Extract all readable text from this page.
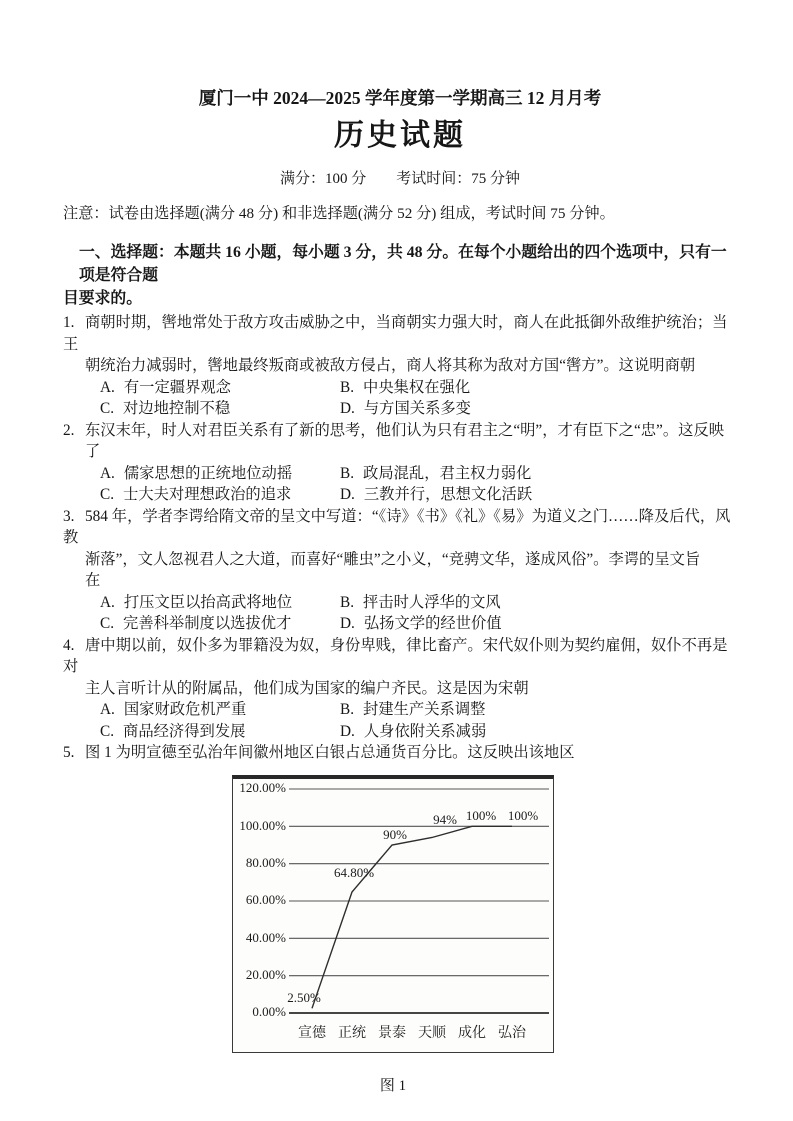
厦门一中 2024—2025 学年度第一学期高三 12 月月考
历史试题
满分：100 分　　考试时间：75 分钟
注意：试卷由选择题(满分 48 分) 和非选择题(满分 52 分) 组成，考试时间 75 分钟。
一、选择题：本题共 16 小题，每小题 3 分，共 48 分。在每个小题给出的四个选项中，只有一项是符合题
目要求的。
1. 商朝时期，辔地常处于敌方攻击威胁之中，当商朝实力强大时，商人在此抵御外敌维护统治；当王
朝统治力减弱时，辔地最终叛商或被敌方侵占，商人将其称为敌对方国“辔方”。这说明商朝
A. 有一定疆界观念	B. 中央集权在强化
C. 对边地控制不稳	D. 与方国关系多变
2. 东汉末年，时人对君臣关系有了新的思考，他们认为只有君主之“明”，才有臣下之“忠”。这反映
了
A. 儒家思想的正统地位动摇	B. 政局混乱，君主权力弱化
C. 士大夫对理想政治的追求	D. 三教并行，思想文化活跃
3. 584 年，学者李谔给隋文帝的呈文中写道：“《诗》《书》《礼》《易》为道义之门……降及后代，风教
渐落”，文人忽视君人之大道，而喜好“雕虫”之小义，“竞骋文华，遂成风俗”。李谔的呈文旨
在
A. 打压文臣以抬高武将地位	B. 抨击时人浮华的文风
C. 完善科举制度以选拔优才	D. 弘扬文学的经世价值
4. 唐中期以前，奴仆多为罪籍没为奴，身份卑贱，律比畜产。宋代奴仆则为契约雇佣，奴仆不再是对
主人言听计从的附属品，他们成为国家的编户齐民。这是因为宋朝
A. 国家财政危机严重	B. 封建生产关系调整
C. 商品经济得到发展	D. 人身依附关系减弱
5. 图 1 为明宣德至弘治年间徽州地区白银占总通货百分比。这反映出该地区
120.00%
100.00%
80.00%
60.00%
40.00%
20.00%
0.00%
2.50%
64.80%
90%
94% 100% 100%
宣德 正统 景泰 天顺 成化 弘治
图 1
